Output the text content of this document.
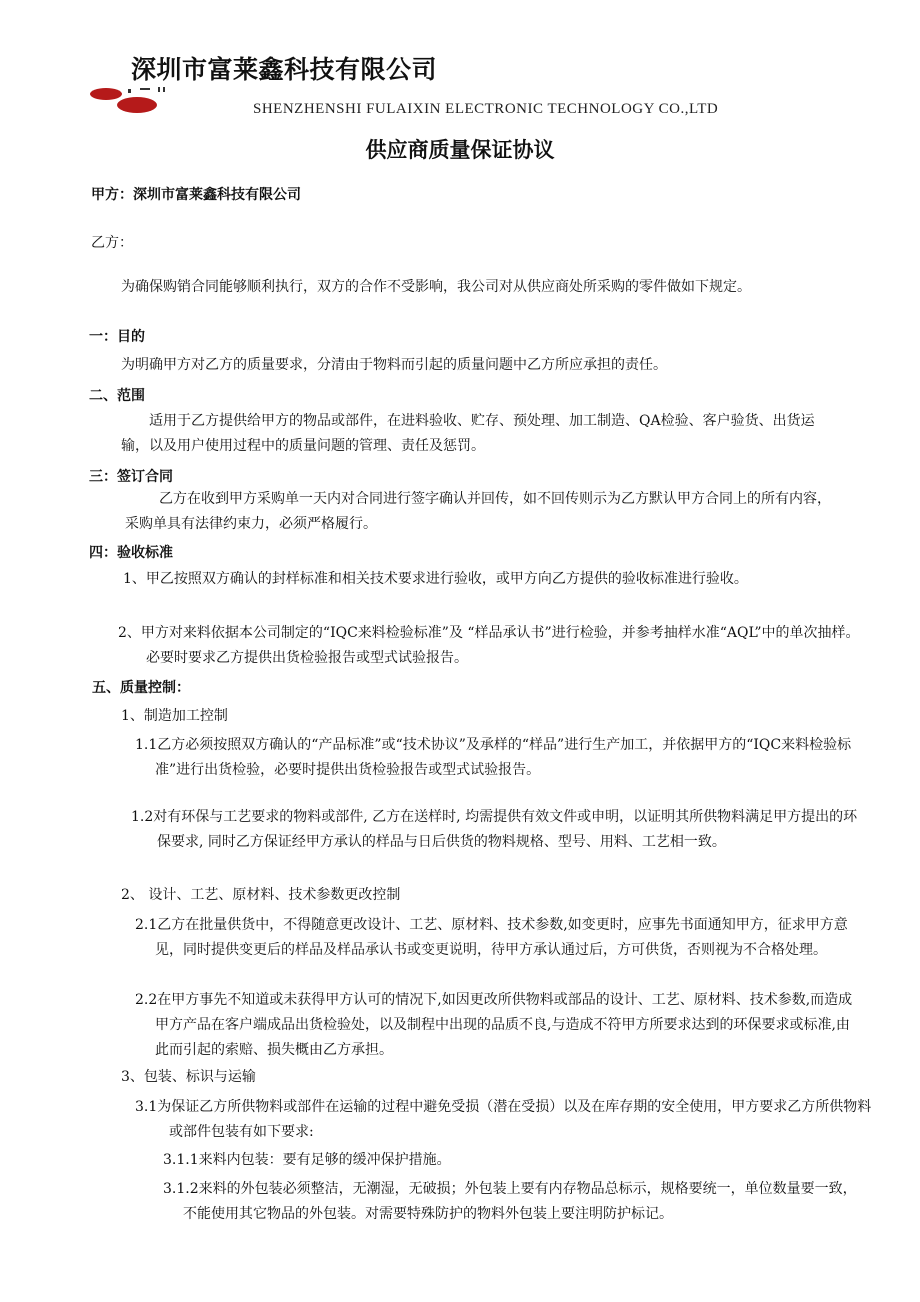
深圳市富莱鑫科技有限公司
SHENZHENSHI FULAIXIN ELECTRONIC TECHNOLOGY CO.,LTD
供应商质量保证协议
甲方：深圳市富莱鑫科技有限公司
乙方：
为确保购销合同能够顺利执行，双方的合作不受影响，我公司对从供应商处所采购的零件做如下规定。
一：目的
为明确甲方对乙方的质量要求，分清由于物料而引起的质量问题中乙方所应承担的责任。
二、范围
适用于乙方提供给甲方的物品或部件，在进料验收、贮存、预处理、加工制造、QA检验、客户验货、出货运输，以及用户使用过程中的质量问题的管理、责任及惩罚。
三：签订合同
乙方在收到甲方采购单一天内对合同进行签字确认并回传，如不回传则示为乙方默认甲方合同上的所有内容，采购单具有法律约束力，必须严格履行。
四：验收标准
1、甲乙按照双方确认的封样标准和相关技术要求进行验收，或甲方向乙方提供的验收标准进行验收。
2、甲方对来料依据本公司制定的“IQC来料检验标准”及 “样品承认书”进行检验，并参考抽样水准“AQL”中的单次抽样。必要时要求乙方提供出货检验报告或型式试验报告。
五、质量控制：
1、制造加工控制
1.1乙方必须按照双方确认的“产品标准”或“技术协议”及承样的“样品”进行生产加工，并依据甲方的“IQC来料检验标准”进行出货检验，必要时提供出货检验报告或型式试验报告。
1.2对有环保与工艺要求的物料或部件, 乙方在送样时, 均需提供有效文件或申明，以证明其所供物料满足甲方提出的环保要求, 同时乙方保证经甲方承认的样品与日后供货的物料规格、型号、用料、工艺相一致。
2、 设计、工艺、原材料、技术参数更改控制
2.1乙方在批量供货中，不得随意更改设计、工艺、原材料、技术参数,如变更时，应事先书面通知甲方，征求甲方意见，同时提供变更后的样品及样品承认书或变更说明，待甲方承认通过后，方可供货，否则视为不合格处理。
2.2在甲方事先不知道或未获得甲方认可的情况下,如因更改所供物料或部品的设计、工艺、原材料、技术参数,而造成甲方产品在客户端成品出货检验处，以及制程中出现的品质不良,与造成不符甲方所要求达到的环保要求或标准,由此而引起的索赔、损失概由乙方承担。
3、包装、标识与运输
3.1为保证乙方所供物料或部件在运输的过程中避免受损（潜在受损）以及在库存期的安全使用，甲方要求乙方所供物料或部件包装有如下要求:
3.1.1来料内包装：要有足够的缓冲保护措施。
3.1.2来料的外包装必须整洁，无潮湿，无破损；外包装上要有内存物品总标示，规格要统一，单位数量要一致，不能使用其它物品的外包装。对需要特殊防护的物料外包装上要注明防护标记。
